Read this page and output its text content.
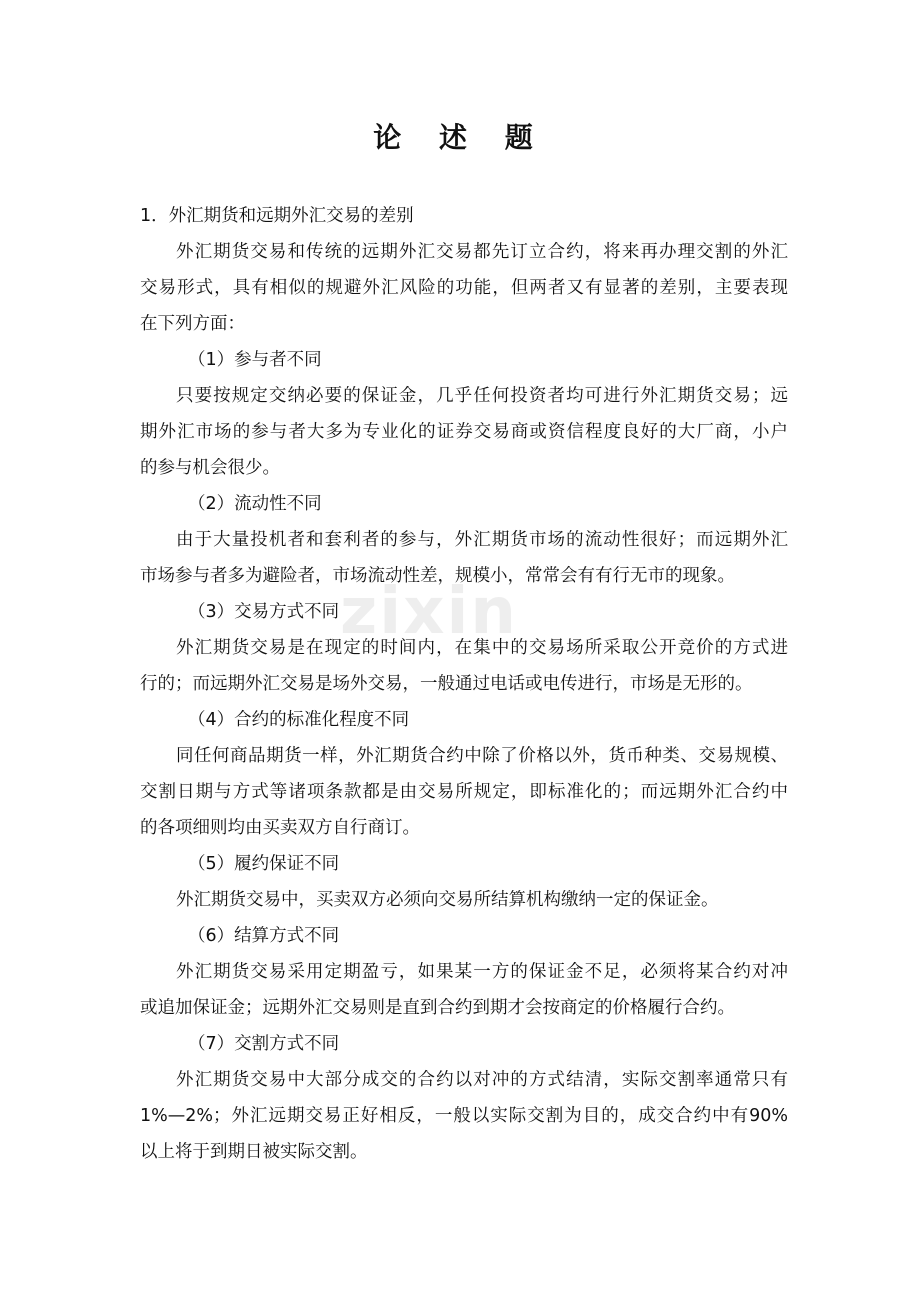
zixin
论 述 题
1．外汇期货和远期外汇交易的差别
外汇期货交易和传统的远期外汇交易都先订立合约，将来再办理交割的外汇
交易形式，具有相似的规避外汇风险的功能，但两者又有显著的差别，主要表现
在下列方面：
（1）参与者不同
只要按规定交纳必要的保证金，几乎任何投资者均可进行外汇期货交易；远
期外汇市场的参与者大多为专业化的证券交易商或资信程度良好的大厂商，小户
的参与机会很少。
（2）流动性不同
由于大量投机者和套利者的参与，外汇期货市场的流动性很好；而远期外汇
市场参与者多为避险者，市场流动性差，规模小，常常会有有行无市的现象。
（3）交易方式不同
外汇期货交易是在现定的时间内，在集中的交易场所采取公开竞价的方式进
行的；而远期外汇交易是场外交易，一般通过电话或电传进行，市场是无形的。
（4）合约的标准化程度不同
同任何商品期货一样，外汇期货合约中除了价格以外，货币种类、交易规模、
交割日期与方式等诸项条款都是由交易所规定，即标准化的；而远期外汇合约中
的各项细则均由买卖双方自行商订。
（5）履约保证不同
外汇期货交易中，买卖双方必须向交易所结算机构缴纳一定的保证金。
（6）结算方式不同
外汇期货交易采用定期盈亏，如果某一方的保证金不足，必须将某合约对冲
或追加保证金；远期外汇交易则是直到合约到期才会按商定的价格履行合约。
（7）交割方式不同
外汇期货交易中大部分成交的合约以对冲的方式结清，实际交割率通常只有
1%—2%；外汇远期交易正好相反，一般以实际交割为目的，成交合约中有90%
以上将于到期日被实际交割。
